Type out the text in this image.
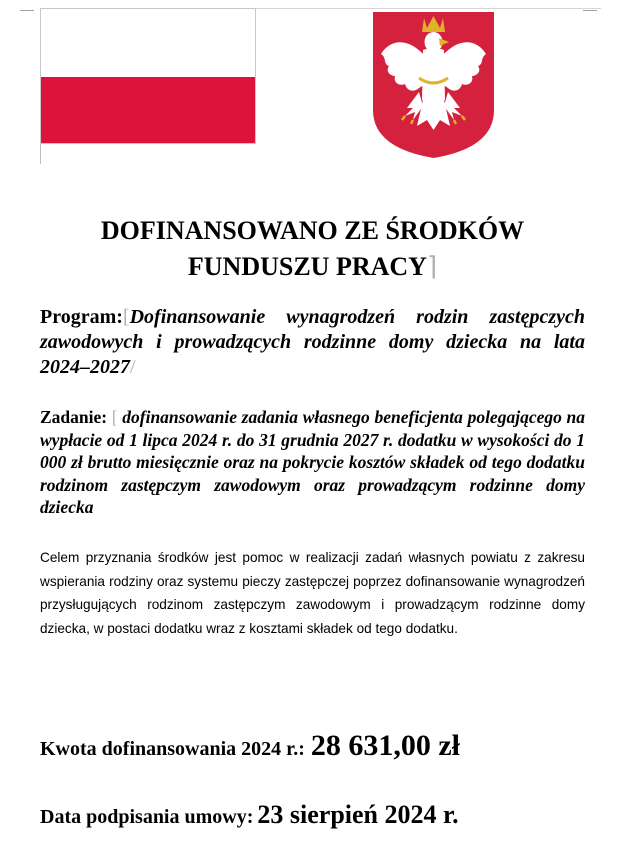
DOFINANSOWANO ZE ŚRODKÓW
FUNDUSZU PRACY⌉
Program:[Dofinansowanie wynagrodzeń rodzin zastępczych zawodowych i prowadzących rodzinne domy dziecka na lata 2024–2027/
Zadanie: [ dofinansowanie zadania własnego beneficjenta polegającego na wypłacie od 1 lipca 2024 r. do 31 grudnia 2027 r. dodatku w wysokości do 1 000 zł brutto miesięcznie oraz na pokrycie kosztów składek od tego dodatku rodzinom zastępczym zawodowym oraz prowadzącym rodzinne domy dziecka
Celem przyznania środków jest pomoc w realizacji zadań własnych powiatu z zakresu wspierania rodziny oraz systemu pieczy zastępczej poprzez dofinansowanie wynagrodzeń przysługujących rodzinom zastępczym zawodowym i prowadzącym rodzinne domy dziecka, w postaci dodatku wraz z kosztami składek od tego dodatku.
Kwota dofinansowania 2024 r.: 28 631,00 zł
Data podpisania umowy: 23 sierpień 2024 r.
